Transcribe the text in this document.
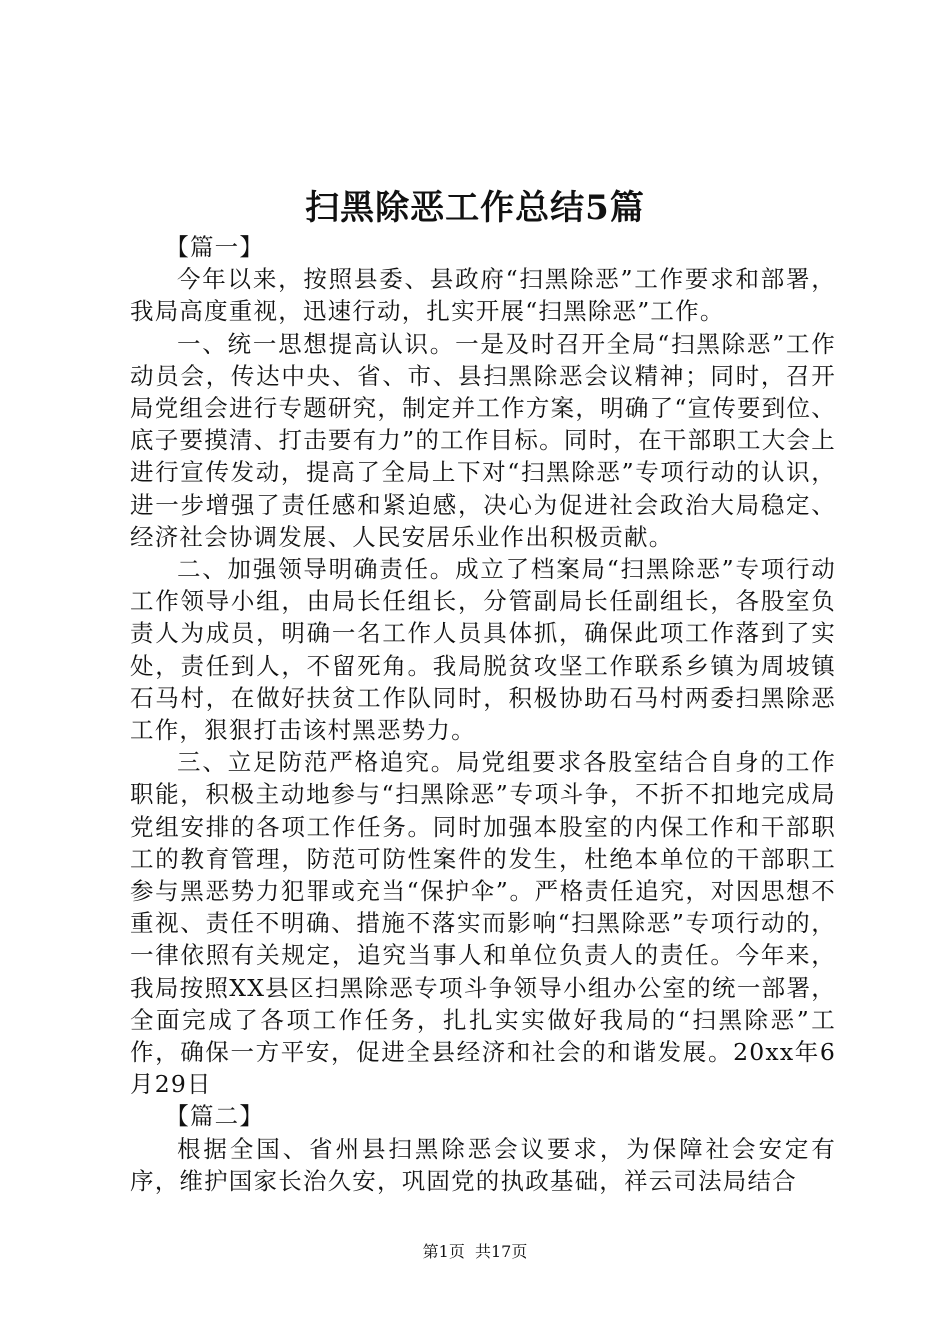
扫黑除恶工作总结5篇

【篇一】

今年以来，按照县委、县政府“扫黑除恶”工作要求和部署，我局高度重视，迅速行动，扎实开展“扫黑除恶”工作。

一、统一思想提高认识。一是及时召开全局“扫黑除恶”工作动员会，传达中央、省、市、县扫黑除恶会议精神；同时，召开局党组会进行专题研究，制定并工作方案，明确了“宣传要到位、底子要摸清、打击要有力”的工作目标。同时，在干部职工大会上进行宣传发动，提高了全局上下对“扫黑除恶”专项行动的认识，进一步增强了责任感和紧迫感，决心为促进社会政治大局稳定、经济社会协调发展、人民安居乐业作出积极贡献。

二、加强领导明确责任。成立了档案局“扫黑除恶”专项行动工作领导小组，由局长任组长，分管副局长任副组长，各股室负责人为成员，明确一名工作人员具体抓，确保此项工作落到了实处，责任到人，不留死角。我局脱贫攻坚工作联系乡镇为周坡镇石马村，在做好扶贫工作队同时，积极协助石马村两委扫黑除恶工作，狠狠打击该村黑恶势力。

三、立足防范严格追究。局党组要求各股室结合自身的工作职能，积极主动地参与“扫黑除恶”专项斗争，不折不扣地完成局党组安排的各项工作任务。同时加强本股室的内保工作和干部职工的教育管理，防范可防性案件的发生，杜绝本单位的干部职工参与黑恶势力犯罪或充当“保护伞”。严格责任追究，对因思想不重视、责任不明确、措施不落实而影响“扫黑除恶”专项行动的，一律依照有关规定，追究当事人和单位负责人的责任。今年来，我局按照XX县区扫黑除恶专项斗争领导小组办公室的统一部署，全面完成了各项工作任务，扎扎实实做好我局的“扫黑除恶”工作，确保一方平安，促进全县经济和社会的和谐发展。20xx年6月29日

【篇二】

根据全国、省州县扫黑除恶会议要求，为保障社会安定有序，维护国家长治久安，巩固党的执政基础，祥云司法局结合

第1页  共17页
